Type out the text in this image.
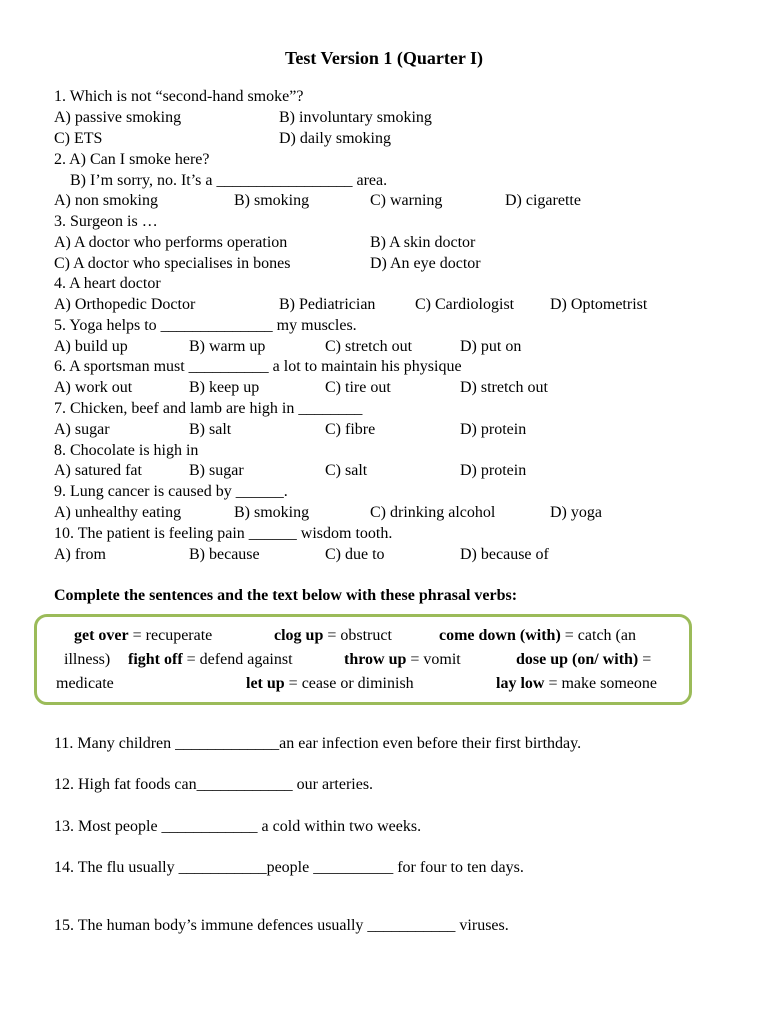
Test Version 1 (Quarter I)
1. Which is not “second-hand smoke”?
A) passive smoking	B) involuntary smoking
C) ETS	D) daily smoking
2. A) Can I smoke here?
B) I’m sorry, no. It’s a _________________ area.
A) non smoking	B) smoking	C) warning	D) cigarette
3. Surgeon is …
A) A doctor who performs operation	B) A skin doctor
C) A doctor who specialises in bones	D) An eye doctor
4. A heart doctor
A) Orthopedic Doctor	B) Pediatrician C) Cardiologist D) Optometrist
5. Yoga helps to ______________ my muscles.
A) build up	B) warm up	C) stretch out	D) put on
6. A sportsman must __________ a lot to maintain his physique
A) work out	B) keep up	C) tire out	D) stretch out
7. Chicken, beef and lamb are high in ________
A) sugar	B) salt	C) fibre	D) protein
8. Chocolate is high in
A) satured fat	B) sugar	C) salt	D) protein
9. Lung cancer is caused by ______.
A) unhealthy eating	B) smoking	C) drinking alcohol	D) yoga
10. The patient is feeling pain ______ wisdom tooth.
A) from	B) because	C) due to	D) because of
11. Many children _____________an ear infection even before their first birthday.
12. High fat foods can____________ our arteries.
13. Most people ____________ a cold within two weeks.
14. The flu usually ___________people __________ for four to ten days.
15. The human body’s immune defences usually ___________ viruses.
Complete the sentences and the text below with these phrasal verbs:
get over = recuperate	clog up = obstruct	come down (with) = catch (an
illness) fight off = defend against	throw up = vomit	dose up (on/ with) =
medicate	let up = cease or diminish	lay low = make someone
